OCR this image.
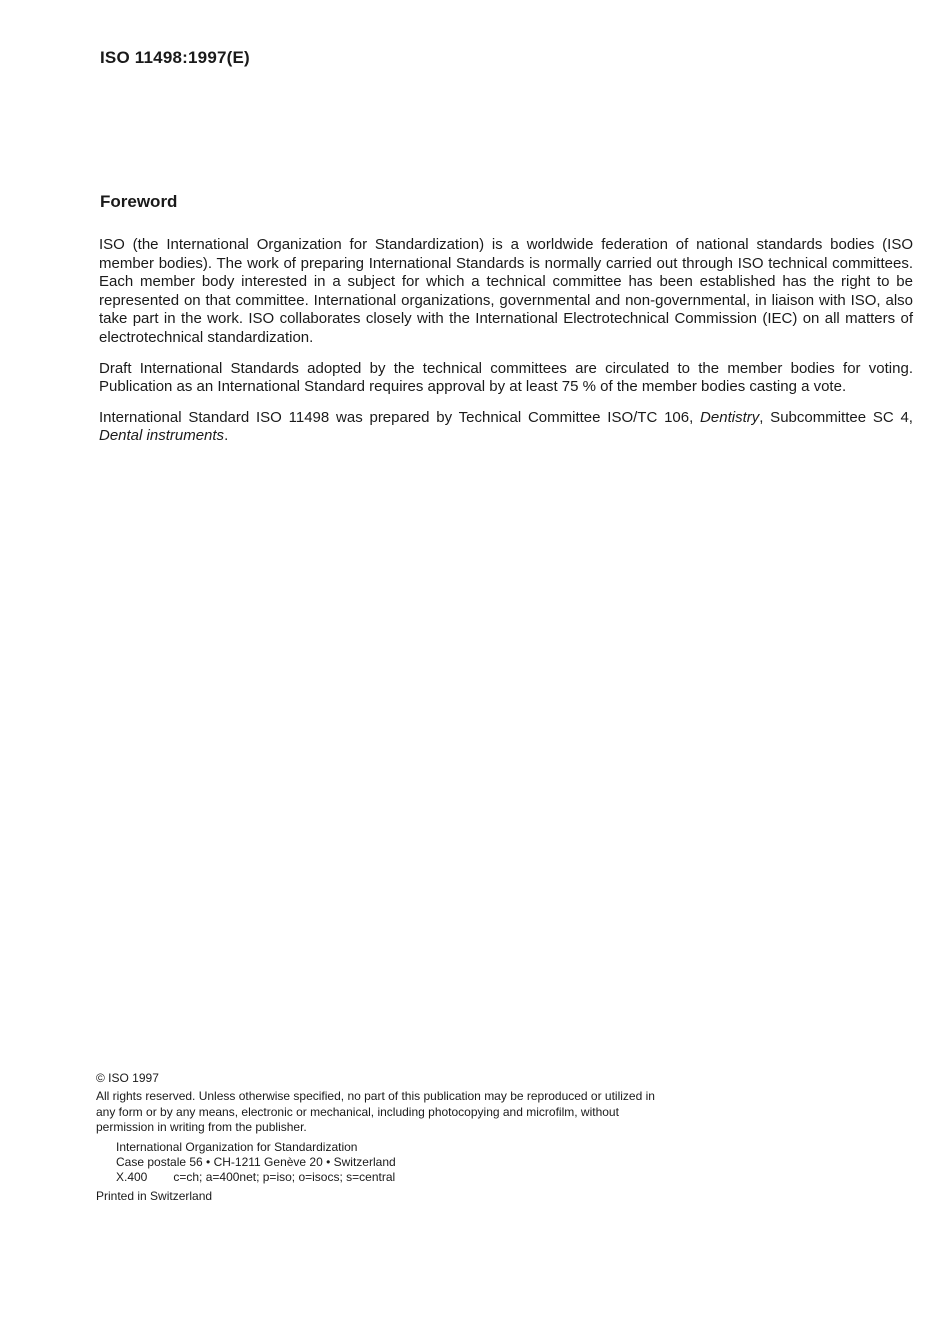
ISO 11498:1997(E)
Foreword

ISO (the International Organization for Standardization) is a worldwide federation of national standards bodies (ISO member bodies). The work of preparing International Standards is normally carried out through ISO technical committees. Each member body interested in a subject for which a technical committee has been established has the right to be represented on that committee. International organizations, governmental and non-governmental, in liaison with ISO, also take part in the work. ISO collaborates closely with the International Electrotechnical Commission (IEC) on all matters of electrotechnical standardization.

Draft International Standards adopted by the technical committees are circulated to the member bodies for voting. Publication as an International Standard requires approval by at least 75 % of the member bodies casting a vote.

International Standard ISO 11498 was prepared by Technical Committee ISO/TC 106, Dentistry, Subcommittee SC 4, Dental instruments.

© ISO 1997
All rights reserved. Unless otherwise specified, no part of this publication may be reproduced or utilized in any form or by any means, electronic or mechanical, including photocopying and microfilm, without permission in writing from the publisher.
International Organization for Standardization
Case postale 56 • CH-1211 Genève 20 • Switzerland
X.400 c=ch; a=400net; p=iso; o=isocs; s=central
Printed in Switzerland
